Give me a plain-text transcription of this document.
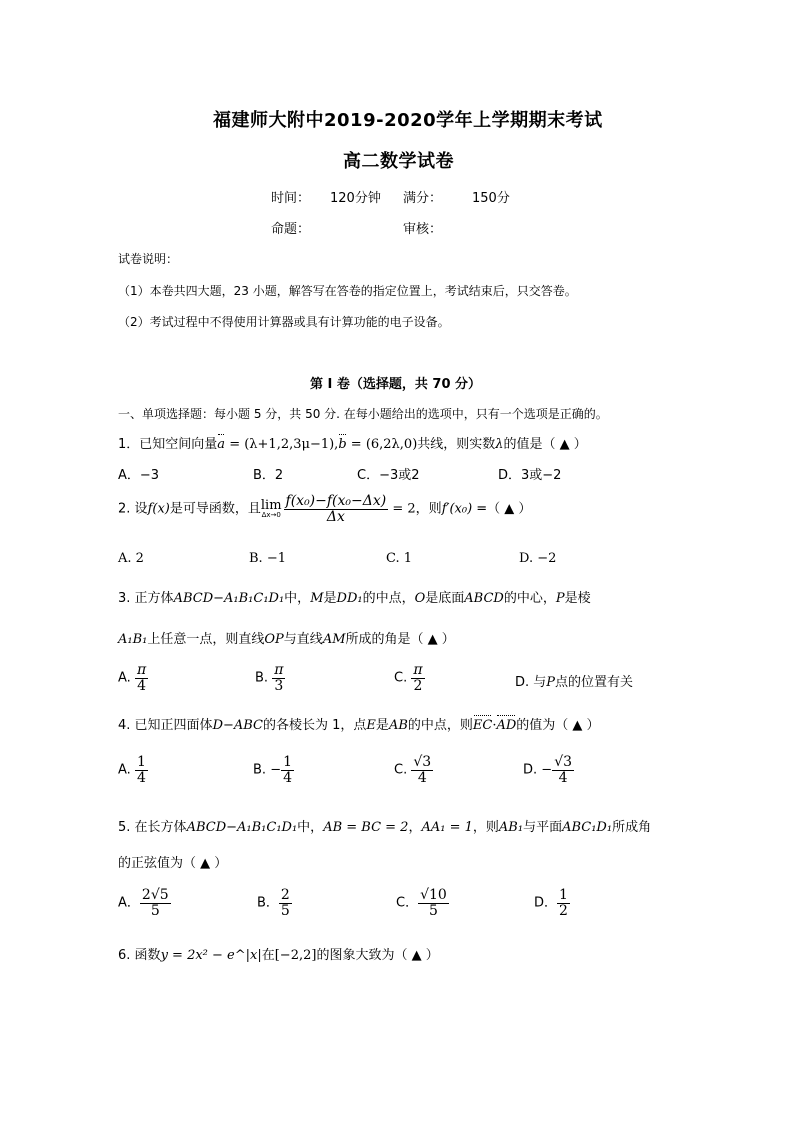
福建师大附中2019-2020学年上学期期末考试
高二数学试卷
时间： 120分钟 满分： 150分
命题：	审核：
试卷说明：
（1）本卷共四大题，23 小题，解答写在答卷的指定位置上，考试结束后，只交答卷。
（2）考试过程中不得使用计算器或具有计算功能的电子设备。
第 I 卷（选择题，共 70 分）
一、单项选择题：每小题 5 分，共 50 分. 在每小题给出的选项中，只有一个选项是正确的。
1．已知空间向量a = (λ+1,2,3μ−1),b = (6,2λ,0)共线，则实数λ的值是（ ▲ ）
A．−3	B．2	C．−3或2	D．3或−2
2. 设f(x)是可导函数，且 lim
$\Delta x\to 0 \frac{\text{f(x₀)−f(x₀−Δx)}}{\Delta x} = 2$，则f′(x₀) =（ ▲ ）
A. 2	B. −1	C. 1	D. −2
3. 正方体ABCD−A₁B₁C₁D₁中，M是DD₁的中点，O是底面ABCD的中心，P是棱
A₁B₁上任意一点，则直线OP与直线AM所成的角是（ ▲ ）
A. $\frac{\pi}{4}$	B. $\frac{\pi}{3}$	C. $\frac{\pi}{2}$	D. 与P点的位置有关
4. 已知正四面体D−ABC的各棱长为 1，点E是AB的中点，则EC·AD的值为（ ▲ ）
A. $\frac{1}{4}$	B. − $\frac{1}{4}$	C. $\frac{√3}{4}$	D. − $\frac{√3}{4}$
5. 在长方体ABCD−A₁B₁C₁D₁中，AB = BC = 2，AA₁ = 1，则AB₁与平面ABC₁D₁所成角
的正弦值为（ ▲ ）
A． $\frac{2√5}{5}$	B． $\frac{2}{5}$	C． $\frac{√10}{5}$	D． $\frac{1}{2}$
6. 函数y = 2x² − e^|x|在[−2,2]的图象大致为（ ▲ ）
